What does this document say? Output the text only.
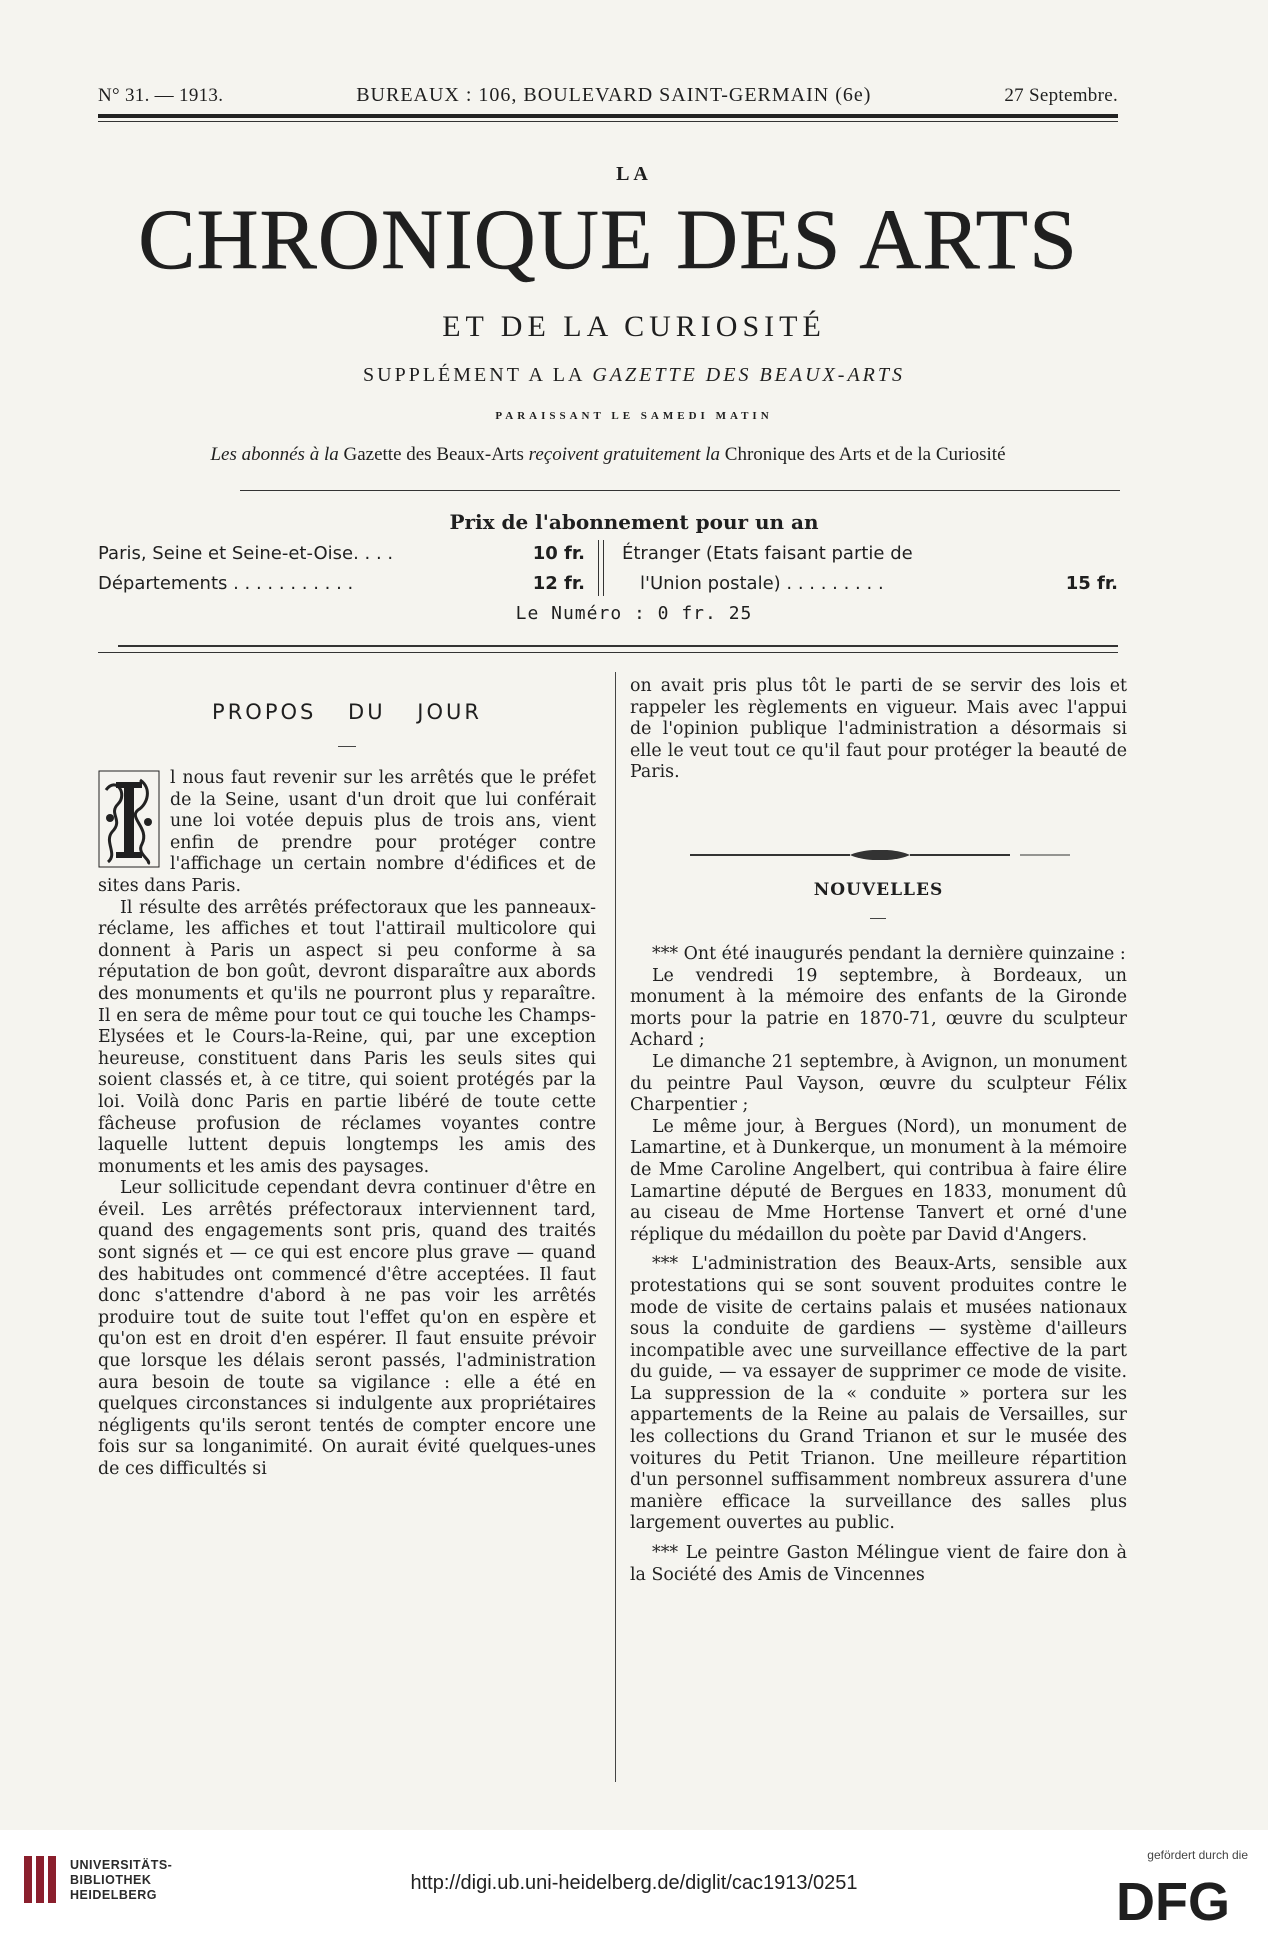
N° 31. — 1913.	BUREAUX : 106, BOULEVARD SAINT-GERMAIN (6e)	27 Septembre.
LA
CHRONIQUE DES ARTS
ET DE LA CURIOSITÉ
SUPPLÉMENT A LA GAZETTE DES BEAUX-ARTS
PARAISSANT LE SAMEDI MATIN
Les abonnés à la Gazette des Beaux-Arts reçoivent gratuitement la Chronique des Arts et de la Curiosité
Prix de l'abonnement pour un an
Paris, Seine et Seine-et-Oise. . . .	10 fr.
Départements . . . . . . . . . . .	12 fr.
Étranger (Etats faisant partie de
l'Union postale) . . . . . . . . .	15 fr.
Le Numéro : 0 fr. 25
PROPOS DU JOUR

l nous faut revenir sur les arrêtés que le préfet de la Seine, usant d'un droit que lui conférait une loi votée depuis plus de trois ans, vient enfin de prendre pour protéger contre l'affichage un certain nombre d'édifices et de sites dans Paris.

Il résulte des arrêtés préfectoraux que les panneaux-réclame, les affiches et tout l'attirail multicolore qui donnent à Paris un aspect si peu conforme à sa réputation de bon goût, devront disparaître aux abords des monuments et qu'ils ne pourront plus y reparaître. Il en sera de même pour tout ce qui touche les Champs-Elysées et le Cours-la-Reine, qui, par une exception heureuse, constituent dans Paris les seuls sites qui soient classés et, à ce titre, qui soient protégés par la loi. Voilà donc Paris en partie libéré de toute cette fâcheuse profusion de réclames voyantes contre laquelle luttent depuis longtemps les amis des monuments et les amis des paysages.

Leur sollicitude cependant devra continuer d'être en éveil. Les arrêtés préfectoraux interviennent tard, quand des engagements sont pris, quand des traités sont signés et — ce qui est encore plus grave — quand des habitudes ont commencé d'être acceptées. Il faut donc s'attendre d'abord à ne pas voir les arrêtés produire tout de suite tout l'effet qu'on en espère et qu'on est en droit d'en espérer. Il faut ensuite prévoir que lorsque les délais seront passés, l'administration aura besoin de toute sa vigilance : elle a été en quelques circonstances si indulgente aux propriétaires négligents qu'ils seront tentés de compter encore une fois sur sa longanimité. On aurait évité quelques-unes de ces difficultés si

on avait pris plus tôt le parti de se servir des lois et rappeler les règlements en vigueur. Mais avec l'appui de l'opinion publique l'administration a désormais si elle le veut tout ce qu'il faut pour protéger la beauté de Paris.

NOUVELLES

*** Ont été inaugurés pendant la dernière quinzaine :

Le vendredi 19 septembre, à Bordeaux, un monument à la mémoire des enfants de la Gironde morts pour la patrie en 1870-71, œuvre du sculpteur Achard ;

Le dimanche 21 septembre, à Avignon, un monument du peintre Paul Vayson, œuvre du sculpteur Félix Charpentier ;

Le même jour, à Bergues (Nord), un monument de Lamartine, et à Dunkerque, un monument à la mémoire de Mme Caroline Angelbert, qui contribua à faire élire Lamartine député de Bergues en 1833, monument dû au ciseau de Mme Hortense Tanvert et orné d'une réplique du médaillon du poète par David d'Angers.

*** L'administration des Beaux-Arts, sensible aux protestations qui se sont souvent produites contre le mode de visite de certains palais et musées nationaux sous la conduite de gardiens — système d'ailleurs incompatible avec une surveillance effective de la part du guide, — va essayer de supprimer ce mode de visite. La suppression de la « conduite » portera sur les appartements de la Reine au palais de Versailles, sur les collections du Grand Trianon et sur le musée des voitures du Petit Trianon. Une meilleure répartition d'un personnel suffisamment nombreux assurera d'une manière efficace la surveillance des salles plus largement ouvertes au public.

*** Le peintre Gaston Mélingue vient de faire don à la Société des Amis de Vincennes

UNIVERSITÄTS-
BIBLIOTHEK
HEIDELBERG
http://digi.ub.uni-heidelberg.de/diglit/cac1913/0251
gefördert durch die
DFG
